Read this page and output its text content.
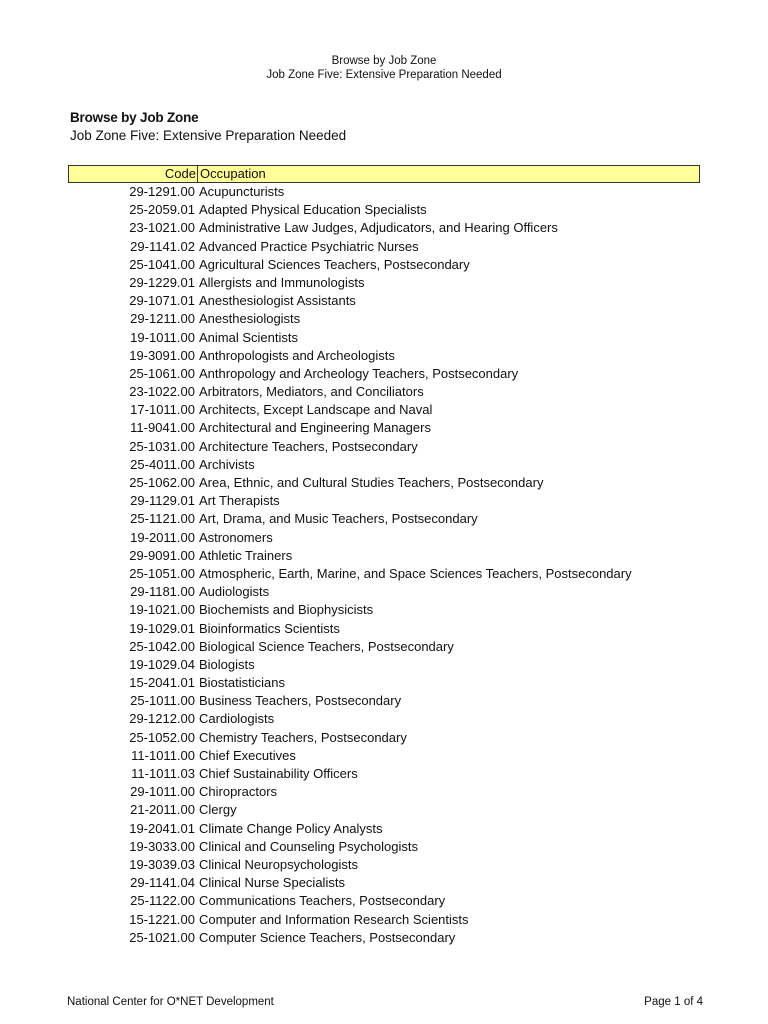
Browse by Job Zone
Job Zone Five: Extensive Preparation Needed
Browse by Job Zone
Job Zone Five: Extensive Preparation Needed
Code Occupation
29-1291.00 Acupuncturists
25-2059.01 Adapted Physical Education Specialists
23-1021.00 Administrative Law Judges, Adjudicators, and Hearing Officers
29-1141.02 Advanced Practice Psychiatric Nurses
25-1041.00 Agricultural Sciences Teachers, Postsecondary
29-1229.01 Allergists and Immunologists
29-1071.01 Anesthesiologist Assistants
29-1211.00 Anesthesiologists
19-1011.00 Animal Scientists
19-3091.00 Anthropologists and Archeologists
25-1061.00 Anthropology and Archeology Teachers, Postsecondary
23-1022.00 Arbitrators, Mediators, and Conciliators
17-1011.00 Architects, Except Landscape and Naval
11-9041.00 Architectural and Engineering Managers
25-1031.00 Architecture Teachers, Postsecondary
25-4011.00 Archivists
25-1062.00 Area, Ethnic, and Cultural Studies Teachers, Postsecondary
29-1129.01 Art Therapists
25-1121.00 Art, Drama, and Music Teachers, Postsecondary
19-2011.00 Astronomers
29-9091.00 Athletic Trainers
25-1051.00 Atmospheric, Earth, Marine, and Space Sciences Teachers, Postsecondary
29-1181.00 Audiologists
19-1021.00 Biochemists and Biophysicists
19-1029.01 Bioinformatics Scientists
25-1042.00 Biological Science Teachers, Postsecondary
19-1029.04 Biologists
15-2041.01 Biostatisticians
25-1011.00 Business Teachers, Postsecondary
29-1212.00 Cardiologists
25-1052.00 Chemistry Teachers, Postsecondary
11-1011.00 Chief Executives
11-1011.03 Chief Sustainability Officers
29-1011.00 Chiropractors
21-2011.00 Clergy
19-2041.01 Climate Change Policy Analysts
19-3033.00 Clinical and Counseling Psychologists
19-3039.03 Clinical Neuropsychologists
29-1141.04 Clinical Nurse Specialists
25-1122.00 Communications Teachers, Postsecondary
15-1221.00 Computer and Information Research Scientists
25-1021.00 Computer Science Teachers, Postsecondary
National Center for O*NET Development	Page 1 of 4
